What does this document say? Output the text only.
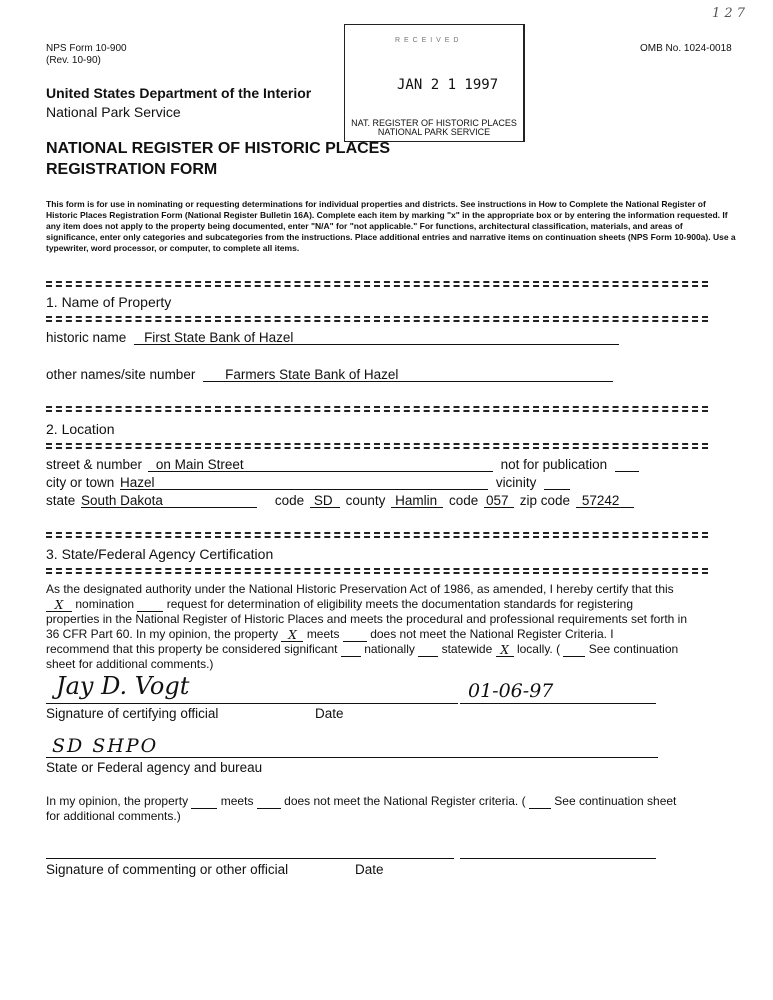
NPS Form 10-900
(Rev. 10-90)
OMB No. 1024-0018
1 2 7
United States Department of the Interior
National Park Service
R E C E I V E D
JAN 2 1 1997
NAT. REGISTER OF HISTORIC PLACES
NATIONAL PARK SERVICE
NATIONAL REGISTER OF HISTORIC PLACES
REGISTRATION FORM
This form is for use in nominating or requesting determinations for individual properties and districts. See instructions in How to Complete the National Register of Historic Places Registration Form (National Register Bulletin 16A). Complete each item by marking "x" in the appropriate box or by entering the information requested. If any item does not apply to the property being documented, enter "N/A" for "not applicable." For functions, architectural classification, materials, and areas of significance, enter only categories and subcategories from the instructions. Place additional entries and narrative items on continuation sheets (NPS Form 10-900a). Use a typewriter, word processor, or computer, to complete all items.
1. Name of Property
historic name First State Bank of Hazel
other names/site number Farmers State Bank of Hazel
2. Location
street & number on Main Street	not for publication
city or town Hazel	vicinity
state South Dakota	code SD county Hamlin code 057 zip code 57242
3. State/Federal Agency Certification
As the designated authority under the National Historic Preservation Act of 1986, as amended, I hereby certify that this
X nomination	request for determination of eligibility meets the documentation standards for registering
properties in the National Register of Historic Places and meets the procedural and professional requirements set forth in
36 CFR Part 60. In my opinion, the property X meets	does not meet the National Register Criteria. I
recommend that this property be considered significant nationally statewide X locally. ( See continuation
sheet for additional comments.)
Jay D. Vogt	01-06-97
Signature of certifying official	Date
SD SHPO
State or Federal agency and bureau
In my opinion, the property	meets	does not meet the National Register criteria. ( See continuation sheet
for additional comments.)
Signature of commenting or other official	Date
